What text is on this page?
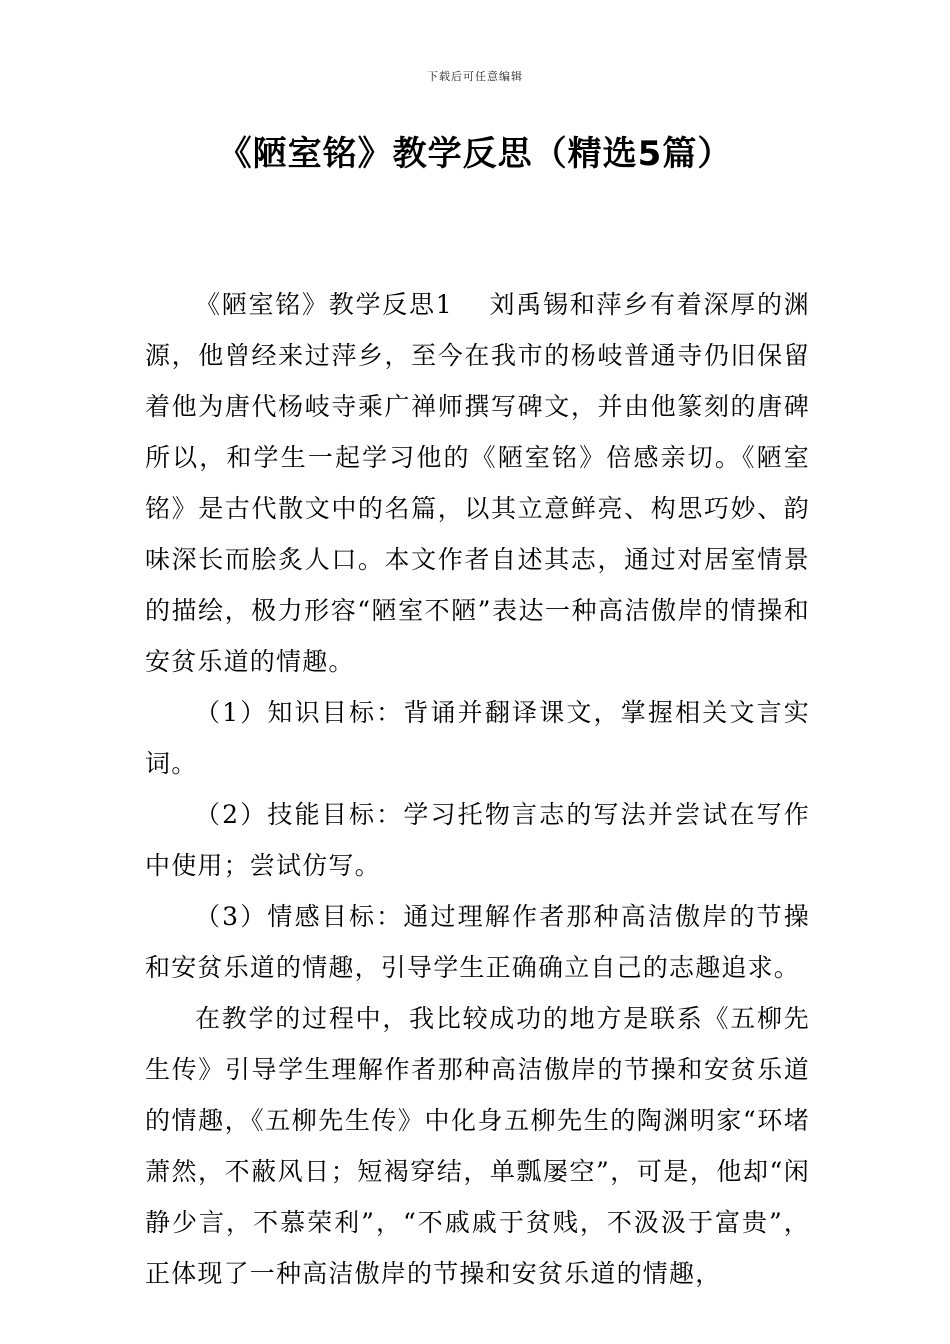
下载后可任意编辑
《陋室铭》教学反思（精选5篇）

《陋室铭》教学反思1 刘禹锡和萍乡有着深厚的渊源，他曾经来过萍乡，至今在我市的杨岐普通寺仍旧保留着他为唐代杨岐寺乘广禅师撰写碑文，并由他篆刻的唐碑所以，和学生一起学习他的《陋室铭》倍感亲切。《陋室铭》是古代散文中的名篇，以其立意鲜亮、构思巧妙、韵味深长而脍炙人口。本文作者自述其志，通过对居室情景的描绘，极力形容“陋室不陋”表达一种高洁傲岸的情操和安贫乐道的情趣。

（1）知识目标：背诵并翻译课文，掌握相关文言实词。

（2）技能目标：学习托物言志的写法并尝试在写作中使用；尝试仿写。

（3）情感目标：通过理解作者那种高洁傲岸的节操和安贫乐道的情趣，引导学生正确确立自己的志趣追求。

在教学的过程中，我比较成功的地方是联系《五柳先生传》引导学生理解作者那种高洁傲岸的节操和安贫乐道的情趣，《五柳先生传》中化身五柳先生的陶渊明家“环堵萧然，不蔽风日；短褐穿结，单瓢屡空”，可是，他却“闲静少言，不慕荣利”，“不戚戚于贫贱，不汲汲于富贵”，正体现了一种高洁傲岸的节操和安贫乐道的情趣，
